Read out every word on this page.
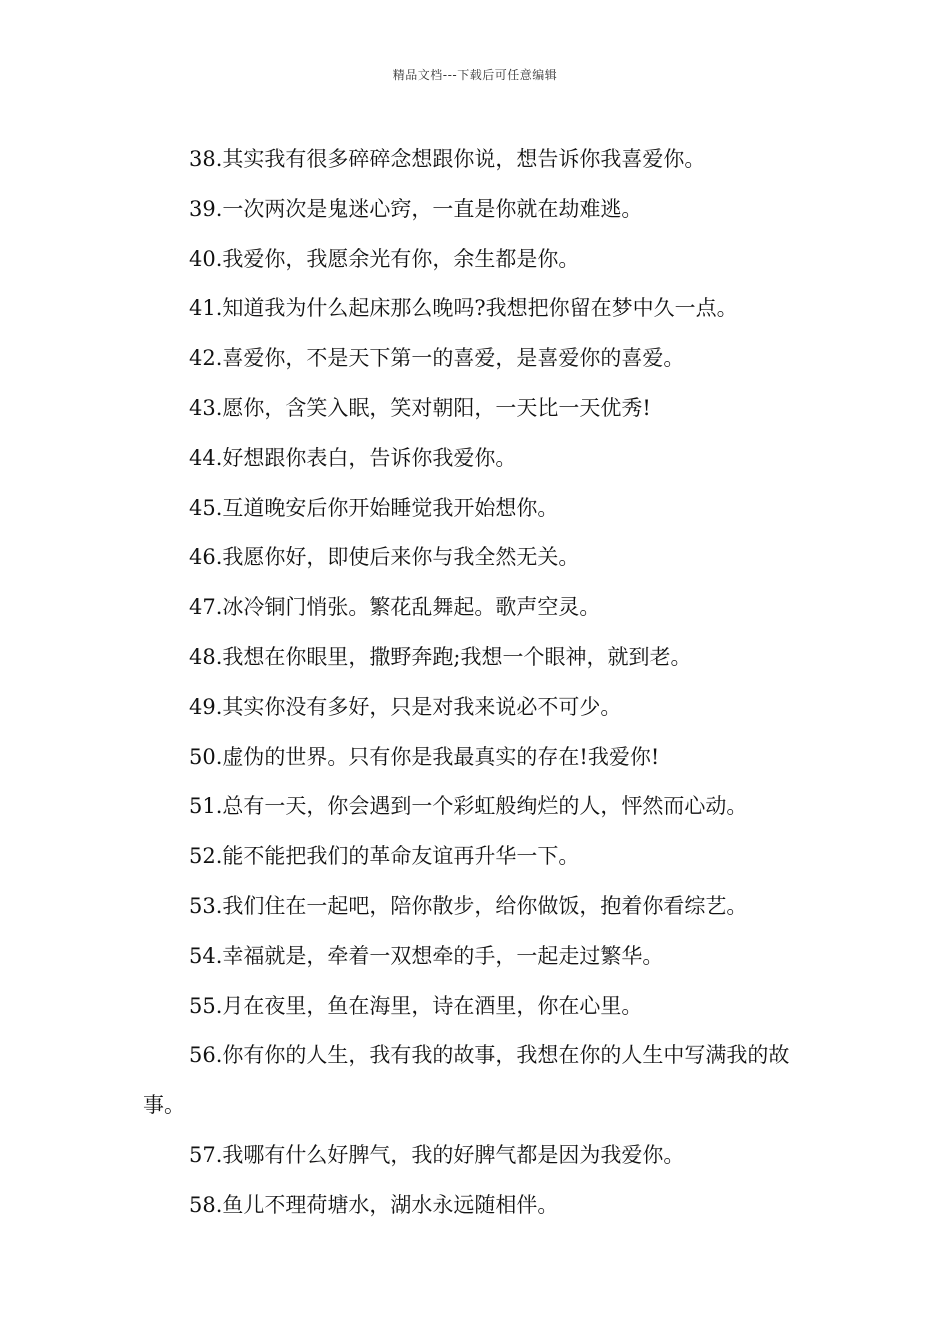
精品文档---下载后可任意编辑

38.其实我有很多碎碎念想跟你说，想告诉你我喜爱你。

39.一次两次是鬼迷心窍，一直是你就在劫难逃。

40.我爱你，我愿余光有你，余生都是你。

41.知道我为什么起床那么晚吗?我想把你留在梦中久一点。

42.喜爱你，不是天下第一的喜爱，是喜爱你的喜爱。

43.愿你，含笑入眠，笑对朝阳，一天比一天优秀!

44.好想跟你表白，告诉你我爱你。

45.互道晚安后你开始睡觉我开始想你。

46.我愿你好，即使后来你与我全然无关。

47.冰冷铜门悄张。繁花乱舞起。歌声空灵。

48.我想在你眼里，撒野奔跑;我想一个眼神，就到老。

49.其实你没有多好，只是对我来说必不可少。

50.虚伪的世界。只有你是我最真实的存在!我爱你!

51.总有一天，你会遇到一个彩虹般绚烂的人，怦然而心动。

52.能不能把我们的革命友谊再升华一下。

53.我们住在一起吧，陪你散步，给你做饭，抱着你看综艺。

54.幸福就是，牵着一双想牵的手，一起走过繁华。

55.月在夜里，鱼在海里，诗在酒里，你在心里。

56.你有你的人生，我有我的故事，我想在你的人生中写满我的故事。

57.我哪有什么好脾气，我的好脾气都是因为我爱你。

58.鱼儿不理荷塘水，湖水永远随相伴。
